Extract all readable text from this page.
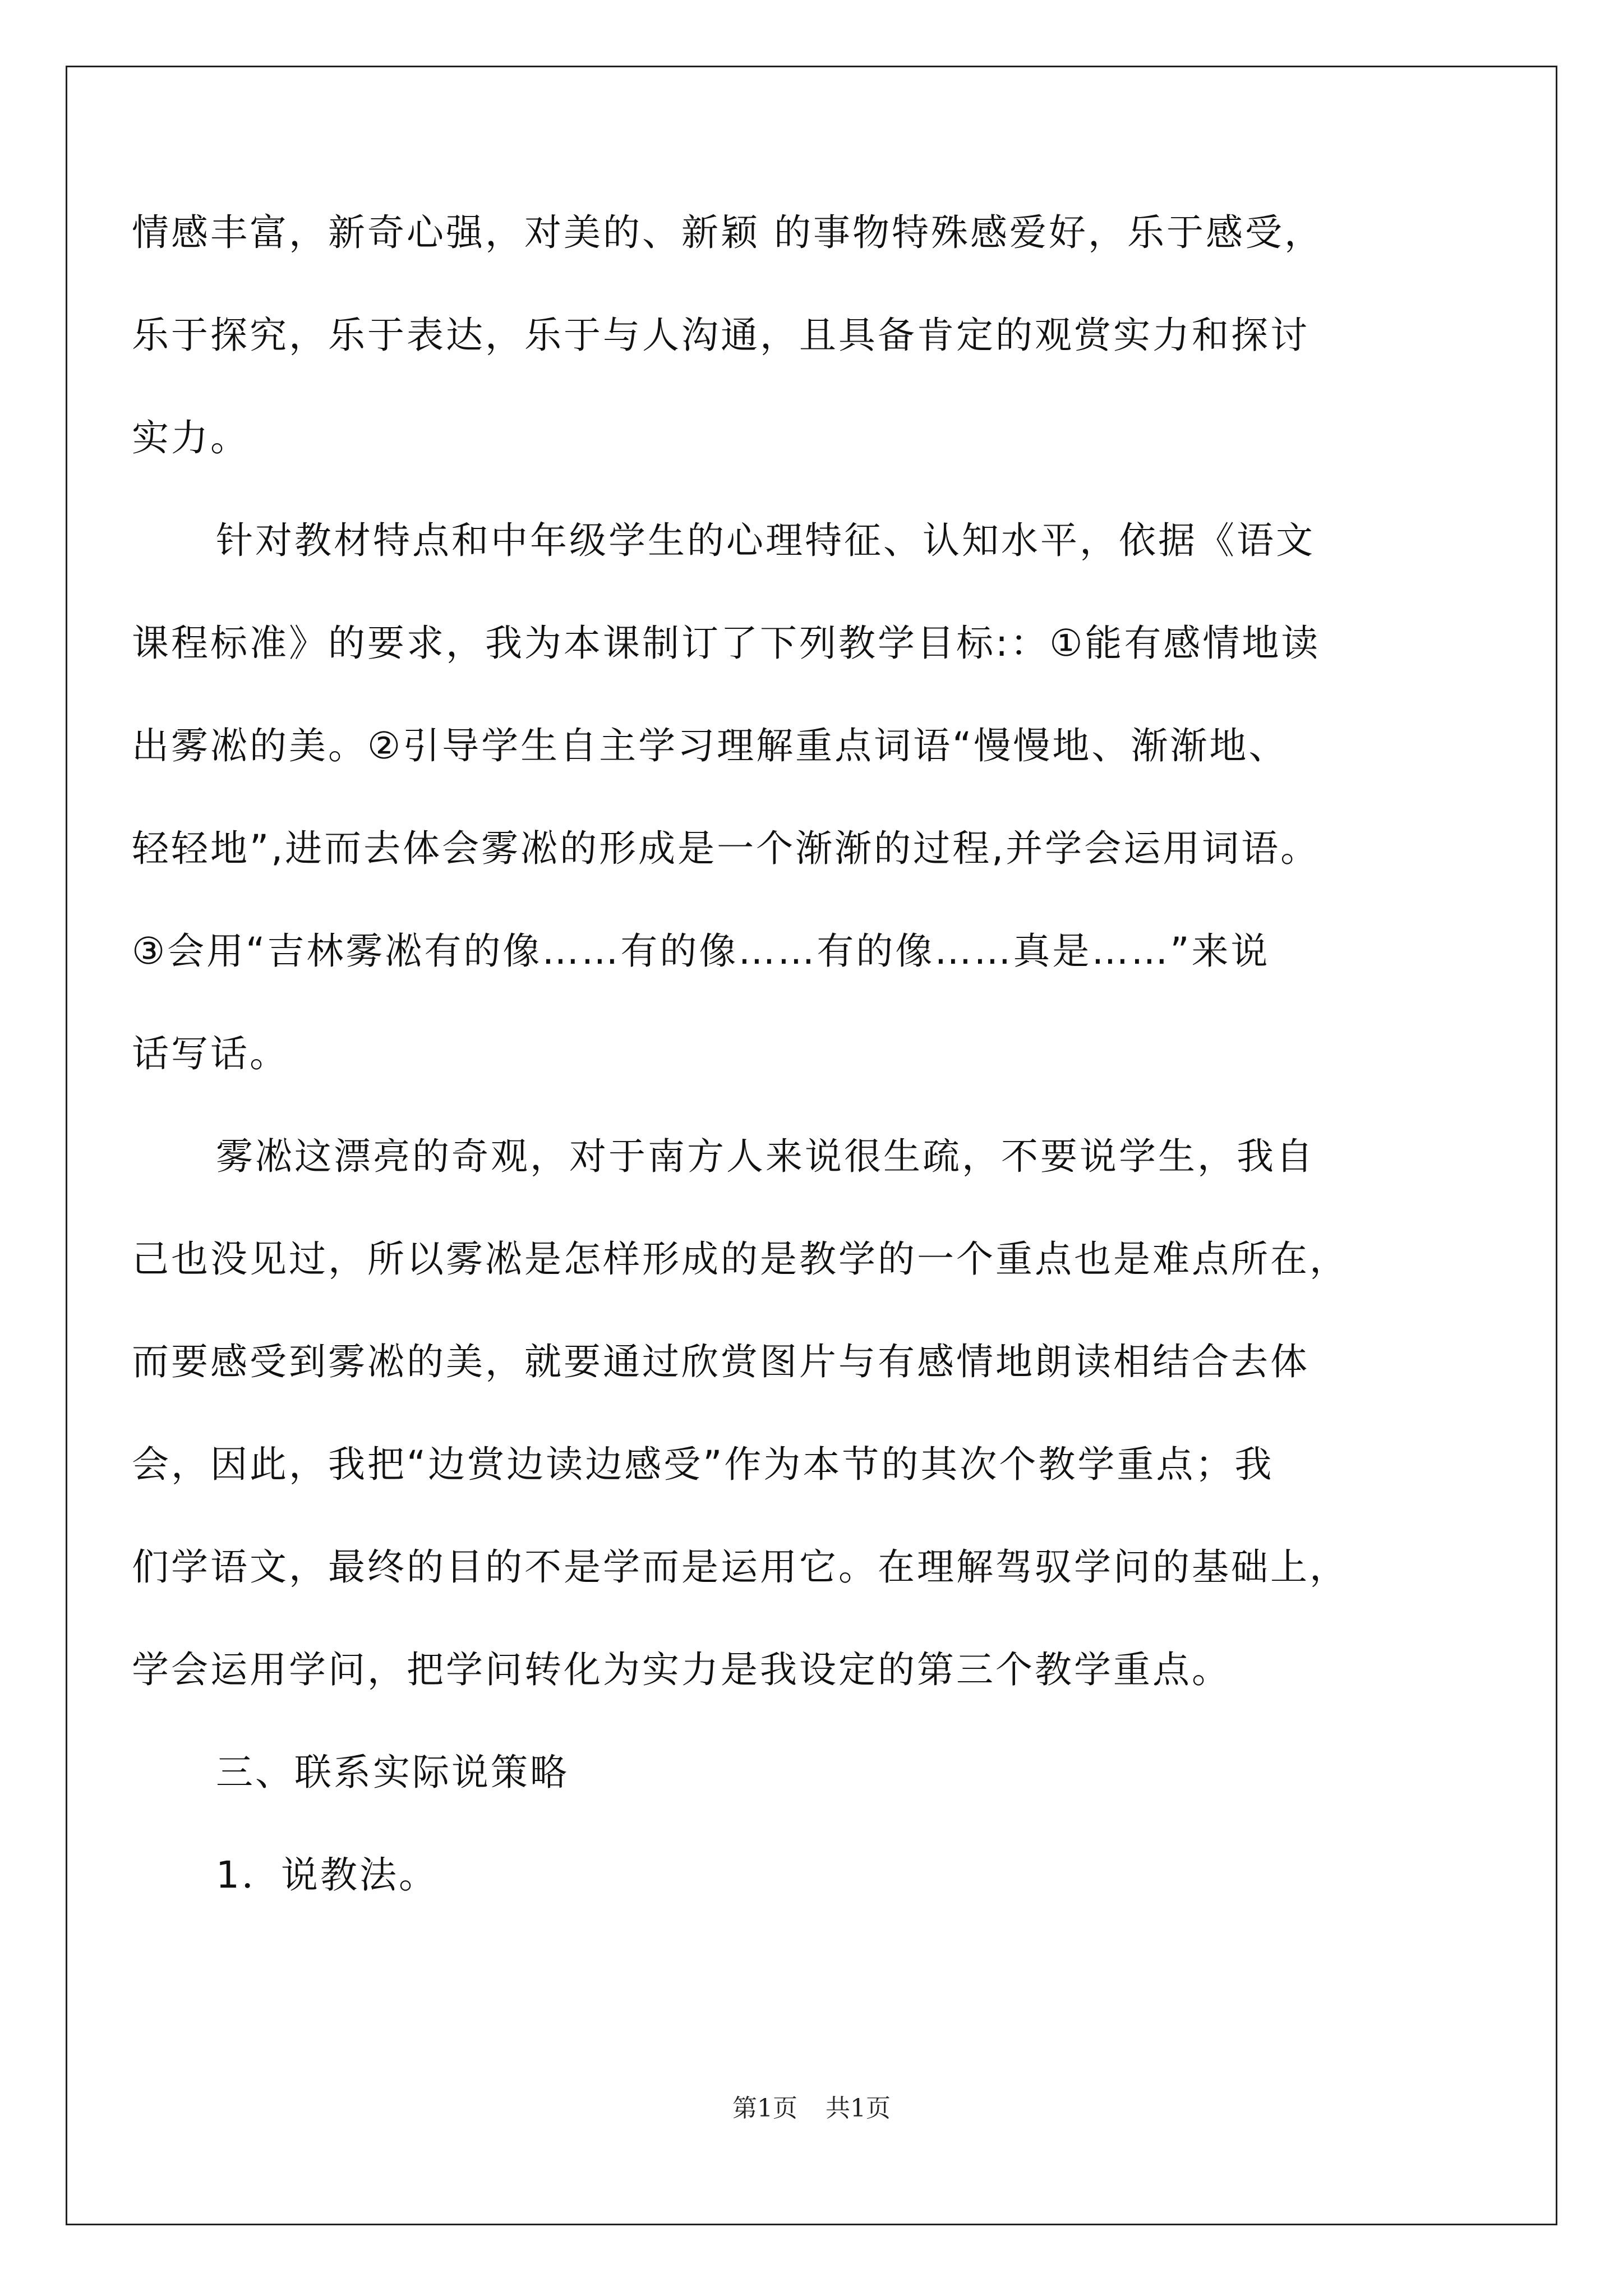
情感丰富，新奇心强，对美的、新颖 的事物特殊感爱好，乐于感受，
乐于探究，乐于表达，乐于与人沟通，且具备肯定的观赏实力和探讨
实力。
针对教材特点和中年级学生的心理特征、认知水平，依据《语文
课程标准》的要求，我为本课制订了下列教学目标:：①能有感情地读
出雾凇的美。②引导学生自主学习理解重点词语“慢慢地、渐渐地、
轻轻地”,进而去体会雾凇的形成是一个渐渐的过程,并学会运用词语。
③会用“吉林雾凇有的像……有的像……有的像……真是……”来说
话写话。
雾凇这漂亮的奇观，对于南方人来说很生疏，不要说学生，我自
己也没见过，所以雾凇是怎样形成的是教学的一个重点也是难点所在，
而要感受到雾凇的美，就要通过欣赏图片与有感情地朗读相结合去体
会，因此，我把“边赏边读边感受”作为本节的其次个教学重点；我
们学语文，最终的目的不是学而是运用它。在理解驾驭学问的基础上，
学会运用学问，把学问转化为实力是我设定的第三个教学重点。
三、联系实际说策略
1．说教法。
第1页 共1页
